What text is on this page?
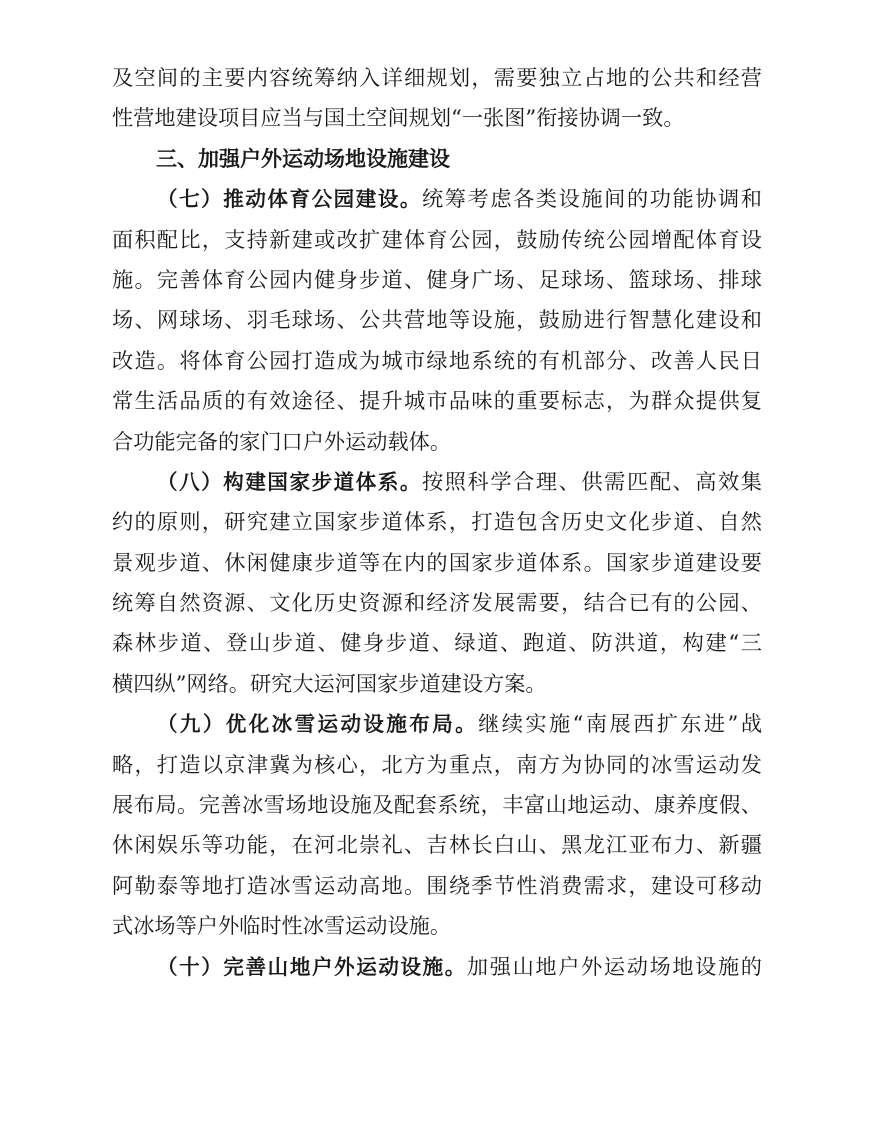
及空间的主要内容统筹纳入详细规划，需要独立占地的公共和经营
性营地建设项目应当与国土空间规划“一张图”衔接协调一致。
三、加强户外运动场地设施建设
（七）推动体育公园建设。统筹考虑各类设施间的功能协调和
面积配比，支持新建或改扩建体育公园，鼓励传统公园增配体育设
施。完善体育公园内健身步道、健身广场、足球场、篮球场、排球
场、网球场、羽毛球场、公共营地等设施，鼓励进行智慧化建设和
改造。将体育公园打造成为城市绿地系统的有机部分、改善人民日
常生活品质的有效途径、提升城市品味的重要标志，为群众提供复
合功能完备的家门口户外运动载体。
（八）构建国家步道体系。按照科学合理、供需匹配、高效集
约的原则，研究建立国家步道体系，打造包含历史文化步道、自然
景观步道、休闲健康步道等在内的国家步道体系。国家步道建设要
统筹自然资源、文化历史资源和经济发展需要，结合已有的公园、
森林步道、登山步道、健身步道、绿道、跑道、防洪道，构建“三
横四纵”网络。研究大运河国家步道建设方案。
（九）优化冰雪运动设施布局。继续实施“南展西扩东进”战
略，打造以京津冀为核心，北方为重点，南方为协同的冰雪运动发
展布局。完善冰雪场地设施及配套系统，丰富山地运动、康养度假、
休闲娱乐等功能，在河北崇礼、吉林长白山、黑龙江亚布力、新疆
阿勒泰等地打造冰雪运动高地。围绕季节性消费需求，建设可移动
式冰场等户外临时性冰雪运动设施。
（十）完善山地户外运动设施。加强山地户外运动场地设施的
